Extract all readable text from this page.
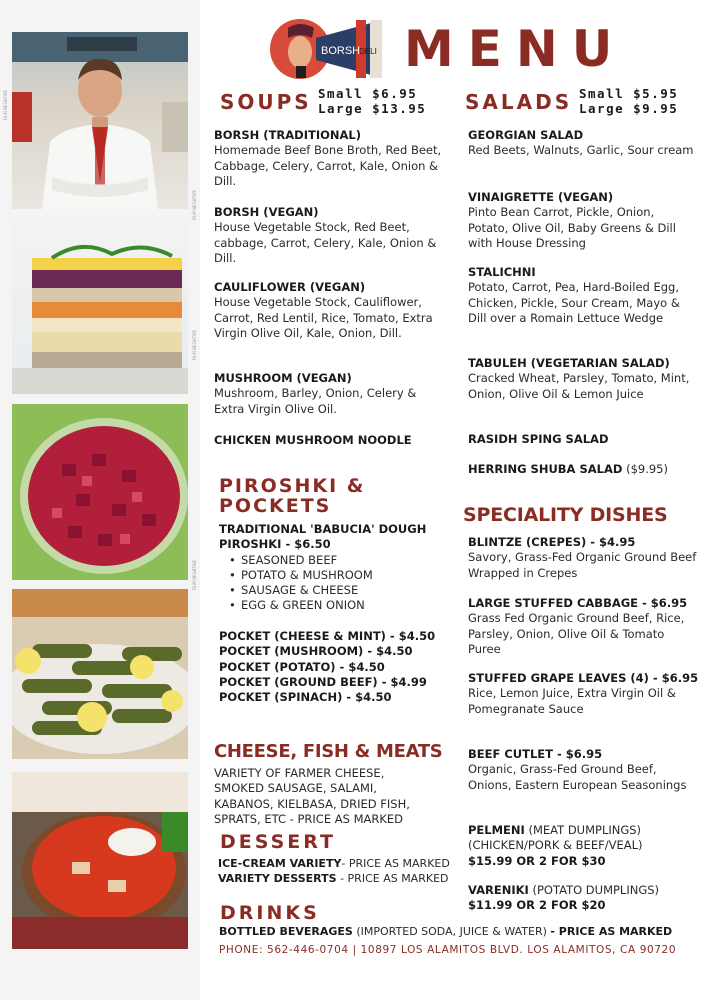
FILM NEGATIVE
FILM NEGATIVE
FILM NEGATIVE
FILM NEGATIVE
BORSH
DELI MENU
SOUPS Small $6.95
Large $13.95
BORSH (TRADITIONAL)
Homemade Beef Bone Broth, Red Beet, Cabbage, Celery, Carrot, Kale, Onion & Dill.
BORSH (VEGAN)
House Vegetable Stock, Red Beet, cabbage, Carrot, Celery, Kale, Onion & Dill.
CAULIFLOWER (VEGAN)
House Vegetable Stock, Cauliflower, Carrot, Red Lentil, Rice, Tomato, Extra Virgin Olive Oil, Kale, Onion, Dill.
MUSHROOM (VEGAN)
Mushroom, Barley, Onion, Celery & Extra Virgin Olive Oil.
CHICKEN MUSHROOM NOODLE
SALADS Small $5.95
Large $9.95
GEORGIAN SALAD
Red Beets, Walnuts, Garlic, Sour cream
VINAIGRETTE (VEGAN)
Pinto Bean Carrot, Pickle, Onion, Potato, Olive Oil, Baby Greens & Dill with House Dressing
STALICHNI
Potato, Carrot, Pea, Hard-Boiled Egg, Chicken, Pickle, Sour Cream, Mayo & Dill over a Romain Lettuce Wedge
TABULEH (VEGETARIAN SALAD)
Cracked Wheat, Parsley, Tomato, Mint, Onion, Olive Oil & Lemon Juice
RASIDH SPING SALAD
HERRING SHUBA SALAD ($9.95)
PIROSHKI &
POCKETS
TRADITIONAL 'BABUCIA' DOUGH
PIROSHKI - $6.50
• SEASONED BEEF
• POTATO & MUSHROOM
• SAUSAGE & CHEESE
• EGG & GREEN ONION
POCKET (CHEESE & MINT) - $4.50
POCKET (MUSHROOM) - $4.50
POCKET (POTATO) - $4.50
POCKET (GROUND BEEF) - $4.99
POCKET (SPINACH) - $4.50
CHEESE, FISH & MEATS
VARIETY OF FARMER CHEESE,
SMOKED SAUSAGE, SALAMI,
KABANOS, KIELBASA, DRIED FISH,
SPRATS, ETC - PRICE AS MARKED
DESSERT
ICE-CREAM VARIETY- PRICE AS MARKED
VARIETY DESSERTS - PRICE AS MARKED
DRINKS
BOTTLED BEVERAGES (IMPORTED SODA, JUICE & WATER) - PRICE AS MARKED
SPECIALITY DISHES
BLINTZE (CREPES) - $4.95
Savory, Grass-Fed Organic Ground Beef Wrapped in Crepes
LARGE STUFFED CABBAGE - $6.95
Grass Fed Organic Ground Beef, Rice, Parsley, Onion, Olive Oil & Tomato Puree
STUFFED GRAPE LEAVES (4) - $6.95
Rice, Lemon Juice, Extra Virgin Oil & Pomegranate Sauce
BEEF CUTLET - $6.95
Organic, Grass-Fed Ground Beef, Onions, Eastern European Seasonings
PELMENI (MEAT DUMPLINGS)
(CHICKEN/PORK & BEEF/VEAL)
$15.99 OR 2 FOR $30
VARENIKI (POTATO DUMPLINGS)
$11.99 OR 2 FOR $20
PHONE: 562-446-0704 | 10897 LOS ALAMITOS BLVD. LOS ALAMITOS, CA 90720
